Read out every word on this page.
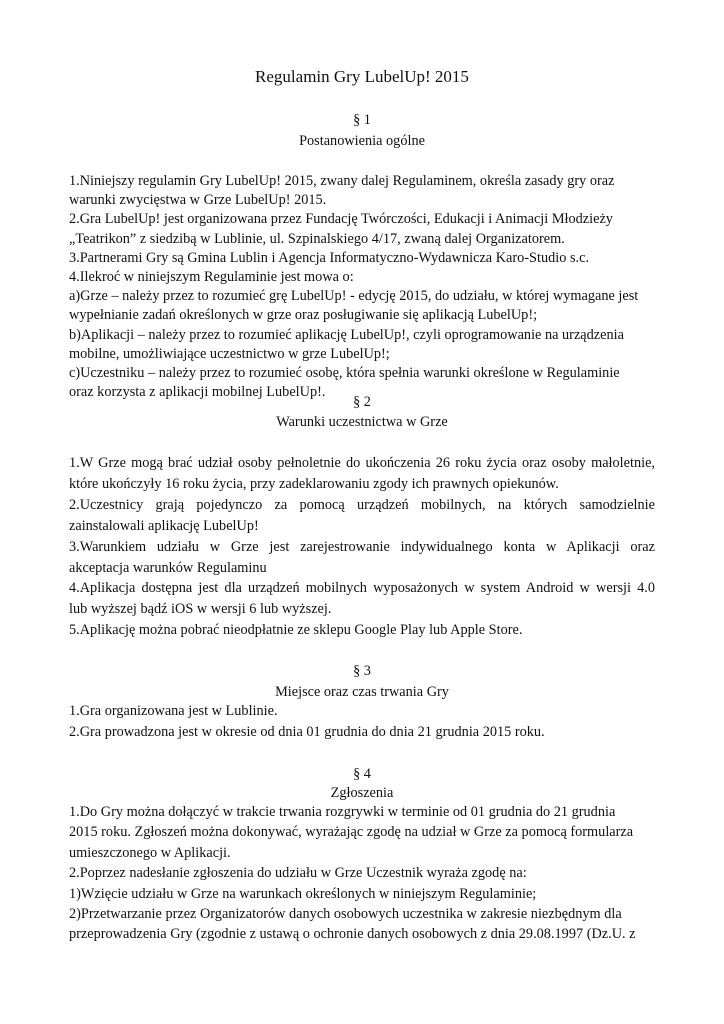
Regulamin Gry LubelUp! 2015
§ 1
Postanowienia ogólne
1.Niniejszy regulamin Gry LubelUp! 2015, zwany dalej Regulaminem, określa zasady gry oraz
warunki zwycięstwa w Grze LubelUp! 2015.
2.Gra LubelUp! jest organizowana przez Fundację Twórczości, Edukacji i Animacji Młodzieży
„Teatrikon” z siedzibą w Lublinie, ul. Szpinalskiego 4/17, zwaną dalej Organizatorem.
3.Partnerami Gry są Gmina Lublin i Agencja Informatyczno-Wydawnicza Karo-Studio s.c.
4.Ilekroć w niniejszym Regulaminie jest mowa o:
a)Grze – należy przez to rozumieć grę LubelUp! - edycję 2015, do udziału, w której wymagane jest
wypełnianie zadań określonych w grze oraz posługiwanie się aplikacją LubelUp!;
b)Aplikacji – należy przez to rozumieć aplikację LubelUp!, czyli oprogramowanie na urządzenia
mobilne, umożliwiające uczestnictwo w grze LubelUp!;
c)Uczestniku – należy przez to rozumieć osobę, która spełnia warunki określone w Regulaminie
oraz korzysta z aplikacji mobilnej LubelUp!.
§ 2
Warunki uczestnictwa w Grze
1.W Grze mogą brać udział osoby pełnoletnie do ukończenia 26 roku życia oraz osoby małoletnie,
które ukończyły 16 roku życia, przy zadeklarowaniu zgody ich prawnych opiekunów.
2.Uczestnicy grają pojedynczo za pomocą urządzeń mobilnych, na których samodzielnie
zainstalowali aplikację LubelUp!
3.Warunkiem udziału w Grze jest zarejestrowanie indywidualnego konta w Aplikacji oraz
akceptacja warunków Regulaminu
4.Aplikacja dostępna jest dla urządzeń mobilnych wyposażonych w system Android w wersji 4.0
lub wyższej bądź iOS w wersji 6 lub wyższej.
5.Aplikację można pobrać nieodpłatnie ze sklepu Google Play lub Apple Store.
§ 3
Miejsce oraz czas trwania Gry
1.Gra organizowana jest w Lublinie.
2.Gra prowadzona jest w okresie od dnia 01 grudnia do dnia 21 grudnia 2015 roku.
§ 4
Zgłoszenia
1.Do Gry można dołączyć w trakcie trwania rozgrywki w terminie od 01 grudnia do 21 grudnia
2015 roku. Zgłoszeń można dokonywać, wyrażając zgodę na udział w Grze za pomocą formularza
umieszczonego w Aplikacji.
2.Poprzez nadesłanie zgłoszenia do udziału w Grze Uczestnik wyraża zgodę na:
1)Wzięcie udziału w Grze na warunkach określonych w niniejszym Regulaminie;
2)Przetwarzanie przez Organizatorów danych osobowych uczestnika w zakresie niezbędnym dla
przeprowadzenia Gry (zgodnie z ustawą o ochronie danych osobowych z dnia 29.08.1997 (Dz.U. z
